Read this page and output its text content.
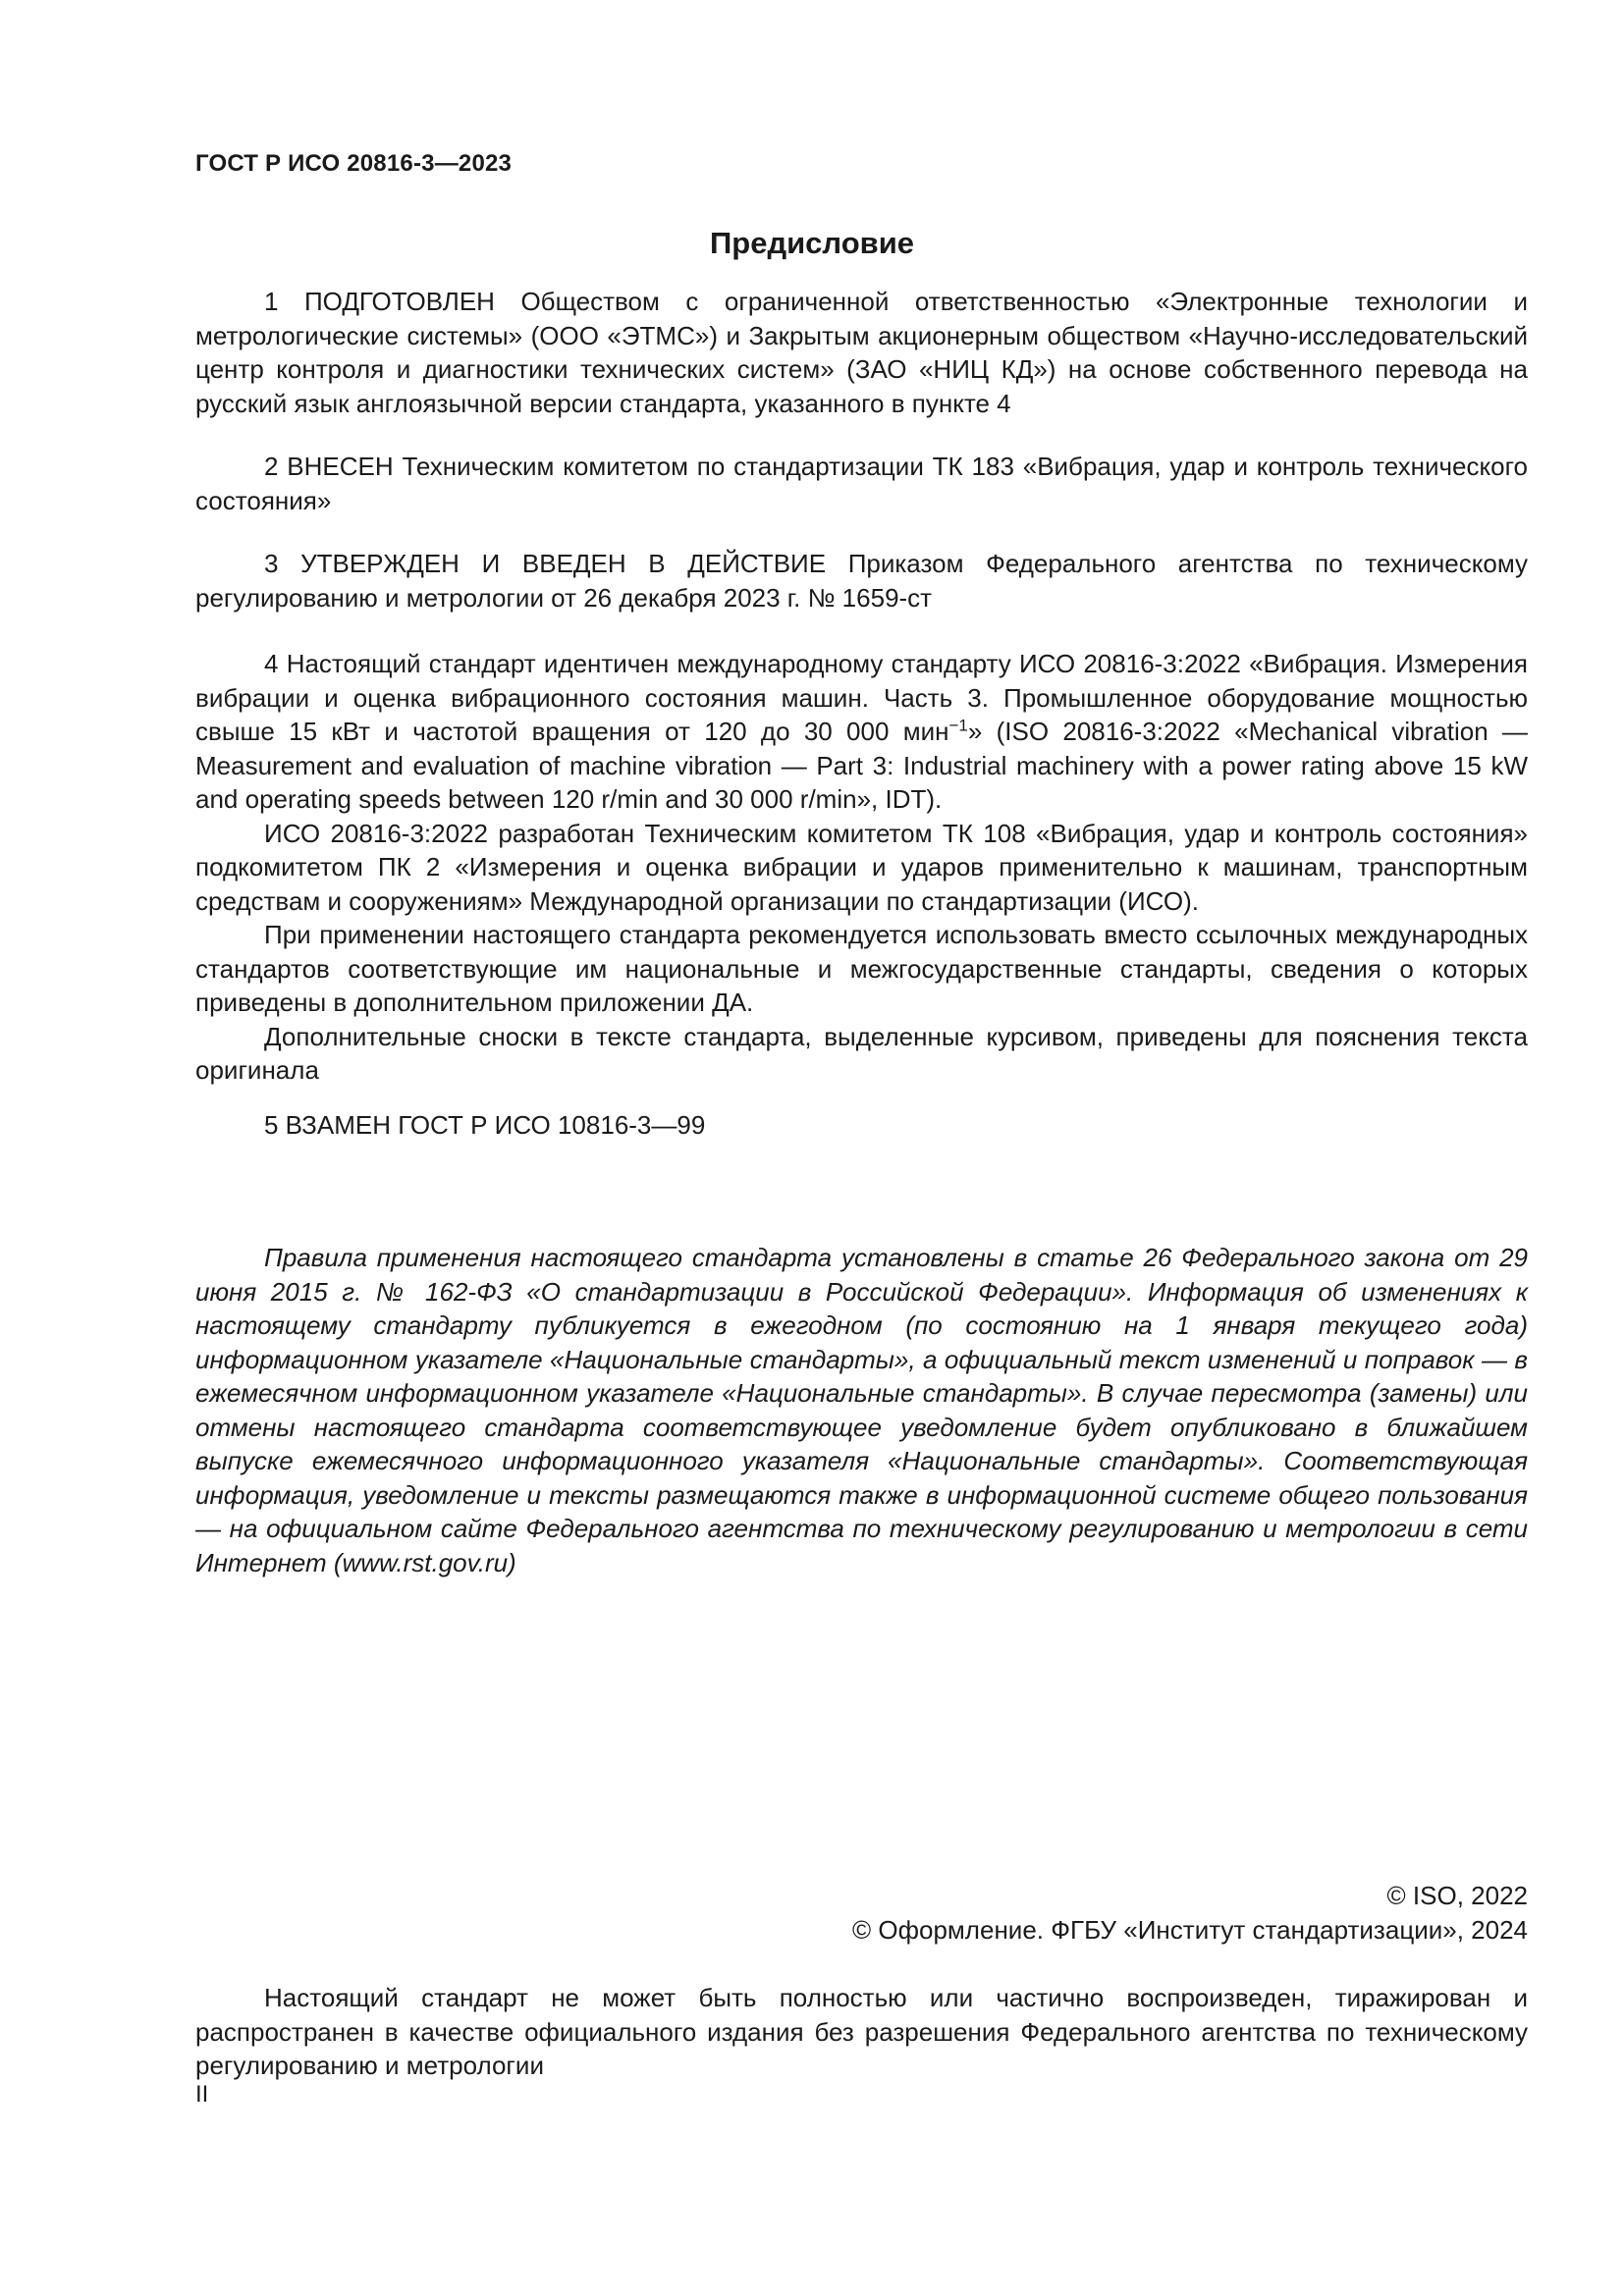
ГОСТ Р ИСО 20816-3—2023
Предисловие

1 ПОДГОТОВЛЕН Обществом с ограниченной ответственностью «Электронные технологии и метрологические системы» (ООО «ЭТМС») и Закрытым акционерным обществом «Научно-исследовательский центр контроля и диагностики технических систем» (ЗАО «НИЦ КД») на основе собственного перевода на русский язык англоязычной версии стандарта, указанного в пункте 4

2 ВНЕСЕН Техническим комитетом по стандартизации ТК 183 «Вибрация, удар и контроль технического состояния»

3 УТВЕРЖДЕН И ВВЕДЕН В ДЕЙСТВИЕ Приказом Федерального агентства по техническому регулированию и метрологии от 26 декабря 2023 г. № 1659-ст

4 Настоящий стандарт идентичен международному стандарту ИСО 20816-3:2022 «Вибрация. Измерения вибрации и оценка вибрационного состояния машин. Часть 3. Промышленное оборудование мощностью свыше 15 кВт и частотой вращения от 120 до 30 000 мин$^{-1}$» (ISO 20816-3:2022 «Mechanical vibration — Measurement and evaluation of machine vibration — Part 3: Industrial machinery with a power rating above 15 kW and operating speeds between 120 r/min and 30 000 r/min», IDT).

ИСО 20816-3:2022 разработан Техническим комитетом ТК 108 «Вибрация, удар и контроль состояния» подкомитетом ПК 2 «Измерения и оценка вибрации и ударов применительно к машинам, транспортным средствам и сооружениям» Международной организации по стандартизации (ИСО).

При применении настоящего стандарта рекомендуется использовать вместо ссылочных международных стандартов соответствующие им национальные и межгосударственные стандарты, сведения о которых приведены в дополнительном приложении ДА.

Дополнительные сноски в тексте стандарта, выделенные курсивом, приведены для пояснения текста оригинала

5 ВЗАМЕН ГОСТ Р ИСО 10816-3—99

Правила применения настоящего стандарта установлены в статье 26 Федерального закона от 29 июня 2015 г. № 162-ФЗ «О стандартизации в Российской Федерации». Информация об изменениях к настоящему стандарту публикуется в ежегодном (по состоянию на 1 января текущего года) информационном указателе «Национальные стандарты», а официальный текст изменений и поправок — в ежемесячном информационном указателе «Национальные стандарты». В случае пересмотра (замены) или отмены настоящего стандарта соответствующее уведомление будет опубликовано в ближайшем выпуске ежемесячного информационного указателя «Национальные стандарты». Соответствующая информация, уведомление и тексты размещаются также в информационной системе общего пользования — на официальном сайте Федерального агентства по техническому регулированию и метрологии в сети Интернет (www.rst.gov.ru)

© ISO, 2022
© Оформление. ФГБУ «Институт стандартизации», 2024

Настоящий стандарт не может быть полностью или частично воспроизведен, тиражирован и распространен в качестве официального издания без разрешения Федерального агентства по техническому регулированию и метрологии

II
